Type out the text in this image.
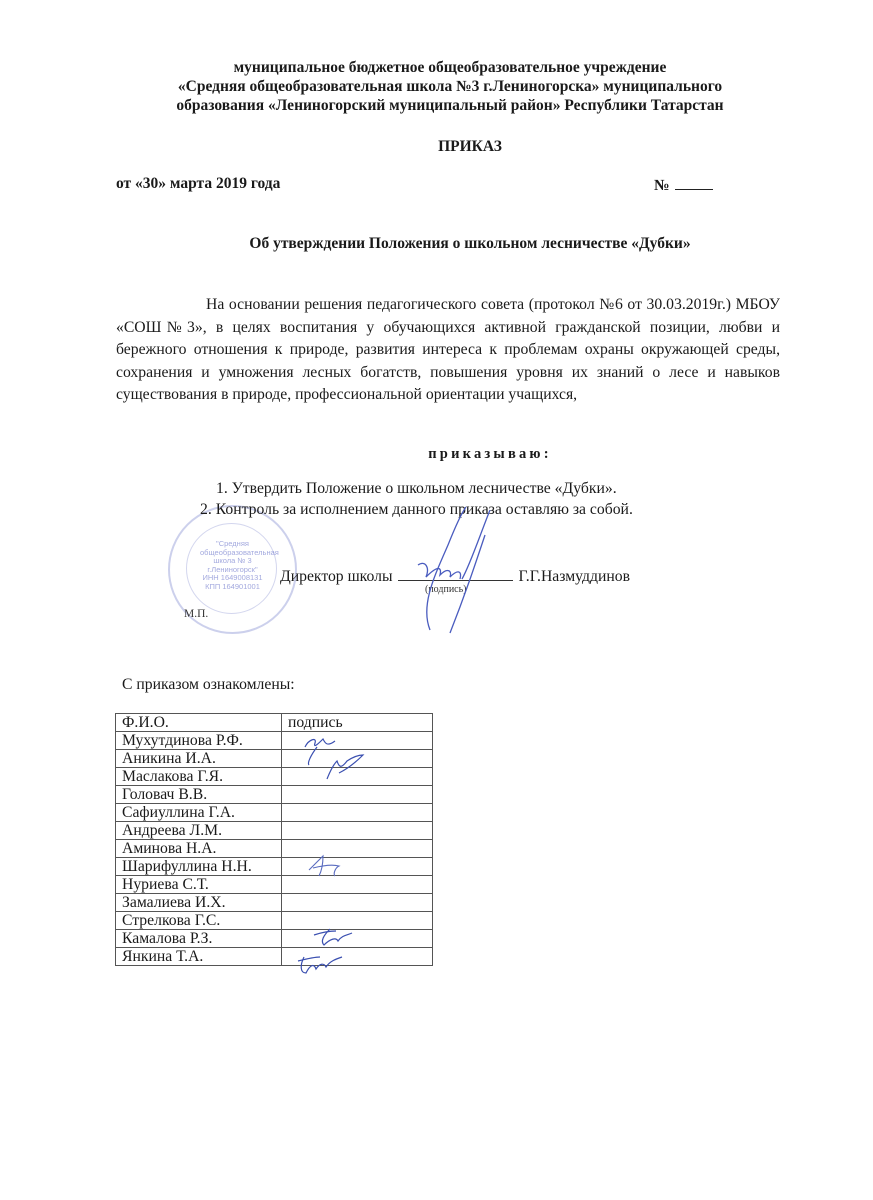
муниципальное бюджетное общеобразовательное учреждение
«Средняя общеобразовательная школа №3 г.Лениногорска» муниципального
образования «Лениногорский муниципальный район» Республики Татарстан
ПРИКАЗ
от «30» марта 2019 года	№
Об утверждении Положения о школьном лесничестве «Дубки»
На основании решения педагогического совета (протокол №6 от 30.03.2019г.) МБОУ «СОШ№3», в целях воспитания у обучающихся активной гражданской позиции, любви и бережного отношения к природе, развития интереса к проблемам охраны окружающей среды, сохранения и умножения лесных богатств, повышения уровня их знаний о лесе и навыков существования в природе, профессиональной ориентации учащихся,
приказываю:
"Средняя общеобразовательная школа № 3 г.Лениногорск" ИНН 1649008131 КПП 164901001
1. Утвердить Положение о школьном лесничестве «Дубки».
2. Контроль за исполнением данного приказа оставляю за собой.
Директор школы	Г.Г.Назмуддинов
(подпись)
М.П.
С приказом ознакомлены:
Ф.И.О.	подпись
Мухутдинова Р.Ф.	
Аникина И.А.	
Маслакова Г.Я.	
Головач В.В.	
Сафиуллина Г.А.	
Андреева Л.М.	
Аминова Н.А.	
Шарифуллина Н.Н.	
Нуриева С.Т.	
Замалиева И.Х.	
Стрелкова Г.С.	
Камалова Р.З.	
Янкина Т.А.	
